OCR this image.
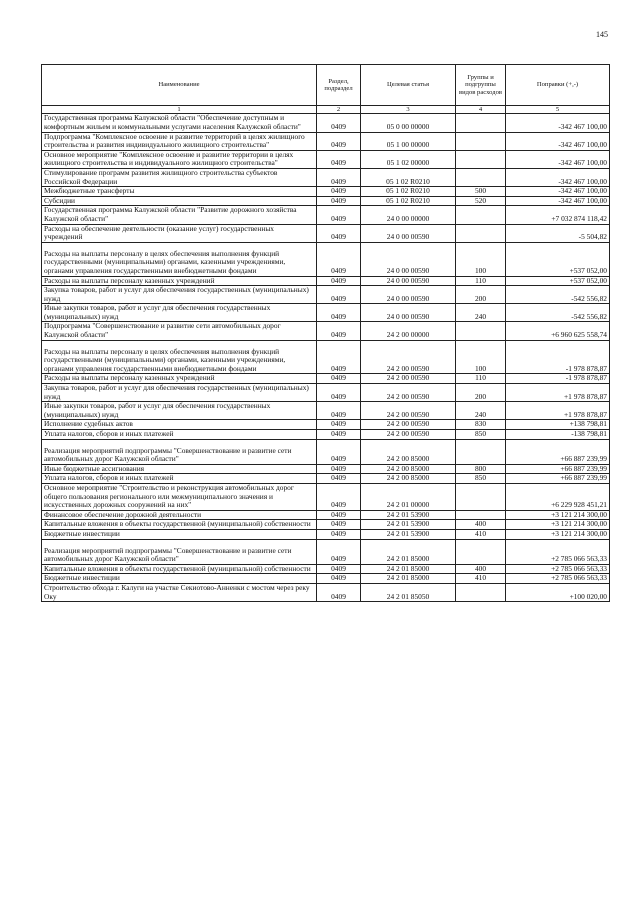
145
Наименование	Раздел, подраздел	Целевая статья	Группы и подгруппы видов расходов	Поправки (+,-)
1	2	3	4	5
Государственная программа Калужской области "Обеспечение доступным и комфортным жильем и коммунальными услугами населения Калужской области"	0409	05 0 00 00000		-342 467 100,00
Подпрограмма "Комплексное освоение и развитие территорий в целях жилищного строительства и развития индивидуального жилищного строительства"	0409	05 1 00 00000		-342 467 100,00
Основное мероприятие "Комплексное освоение и развитие территории в целях жилищного строительства и индивидуального жилищного строительства"	0409	05 1 02 00000		-342 467 100,00
Стимулирование программ развития жилищного строительства субъектов Российской Федерации	0409	05 1 02 R0210		-342 467 100,00
Межбюджетные трансферты	0409	05 1 02 R0210	500	-342 467 100,00
Субсидии	0409	05 1 02 R0210	520	-342 467 100,00
Государственная программа Калужской области "Развитие дорожного хозяйства Калужской области"	0409	24 0 00 00000		+7 032 874 118,42
Расходы на обеспечение деятельности (оказание услуг) государственных учреждений	0409	24 0 00 00590		-5 504,82
Расходы на выплаты персоналу в целях обеспечения выполнения функций государственными (муниципальными) органами, казенными учреждениями, органами управления государственными внебюджетными фондами	0409	24 0 00 00590	100	+537 052,00
Расходы на выплаты персоналу казенных учреждений	0409	24 0 00 00590	110	+537 052,00
Закупка товаров, работ и услуг для обеспечения государственных (муниципальных) нужд	0409	24 0 00 00590	200	-542 556,82
Иные закупки товаров, работ и услуг для обеспечения государственных (муниципальных) нужд	0409	24 0 00 00590	240	-542 556,82
Подпрограмма "Совершенствование и развитие сети автомобильных дорог Калужской области"	0409	24 2 00 00000		+6 960 625 558,74
Расходы на выплаты персоналу в целях обеспечения выполнения функций государственными (муниципальными) органами, казенными учреждениями, органами управления государственными внебюджетными фондами	0409	24 2 00 00590	100	-1 978 878,87
Расходы на выплаты персоналу казенных учреждений	0409	24 2 00 00590	110	-1 978 878,87
Закупка товаров, работ и услуг для обеспечения государственных (муниципальных) нужд	0409	24 2 00 00590	200	+1 978 878,87
Иные закупки товаров, работ и услуг для обеспечения государственных (муниципальных) нужд	0409	24 2 00 00590	240	+1 978 878,87
Исполнение судебных актов	0409	24 2 00 00590	830	+138 798,81
Уплата налогов, сборов и иных платежей	0409	24 2 00 00590	850	-138 798,81
Реализация мероприятий подпрограммы "Совершенствование и развитие сети автомобильных дорог Калужской области"	0409	24 2 00 85000		+66 887 239,99
Иные бюджетные ассигнования	0409	24 2 00 85000	800	+66 887 239,99
Уплата налогов, сборов и иных платежей	0409	24 2 00 85000	850	+66 887 239,99
Основное мероприятие "Строительство и реконструкция автомобильных дорог общего пользования регионального или межмуниципального значения и искусственных дорожных сооружений на них"	0409	24 2 01 00000		+6 229 928 451,21
Финансовое обеспечение дорожной деятельности	0409	24 2 01 53900		+3 121 214 300,00
Капитальные вложения в объекты государственной (муниципальной) собственности	0409	24 2 01 53900	400	+3 121 214 300,00
Бюджетные инвестиции	0409	24 2 01 53900	410	+3 121 214 300,00
Реализация мероприятий подпрограммы "Совершенствование и развитие сети автомобильных дорог Калужской области"	0409	24 2 01 85000		+2 785 066 563,33
Капитальные вложения в объекты государственной (муниципальной) собственности	0409	24 2 01 85000	400	+2 785 066 563,33
Бюджетные инвестиции	0409	24 2 01 85000	410	+2 785 066 563,33
Строительство обхода г. Калуги на участке Секиотово-Анненки с мостом через реку Оку	0409	24 2 01 85050		+100 020,00
